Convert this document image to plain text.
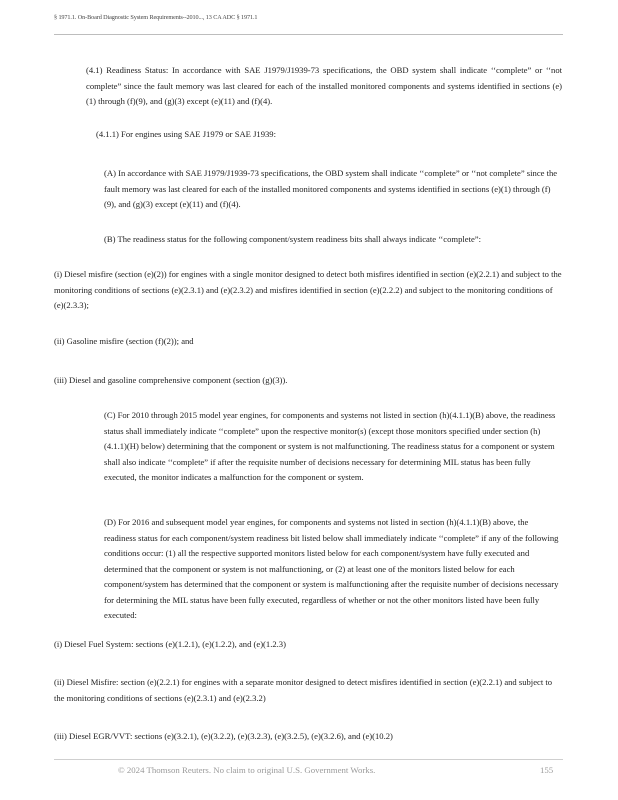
§ 1971.1. On-Board Diagnostic System Requirements--2010..., 13 CA ADC § 1971.1

(4.1) Readiness Status: In accordance with SAE J1979/J1939-73 specifications, the OBD system shall indicate ‘‘complete” or ‘‘not complete” since the fault memory was last cleared for each of the installed monitored components and systems identified in sections (e)(1) through (f)(9), and (g)(3) except (e)(11) and (f)(4).

(4.1.1) For engines using SAE J1979 or SAE J1939:

(A) In accordance with SAE J1979/J1939-73 specifications, the OBD system shall indicate ‘‘complete” or ‘‘not complete” since the fault memory was last cleared for each of the installed monitored components and systems identified in sections (e)(1) through (f)(9), and (g)(3) except (e)(11) and (f)(4).

(B) The readiness status for the following component/system readiness bits shall always indicate ‘‘complete”:

(i) Diesel misfire (section (e)(2)) for engines with a single monitor designed to detect both misfires identified in section (e)(2.2.1) and subject to the monitoring conditions of sections (e)(2.3.1) and (e)(2.3.2) and misfires identified in section (e)(2.2.2) and subject to the monitoring conditions of (e)(2.3.3);

(ii) Gasoline misfire (section (f)(2)); and

(iii) Diesel and gasoline comprehensive component (section (g)(3)).

(C) For 2010 through 2015 model year engines, for components and systems not listed in section (h)(4.1.1)(B) above, the readiness status shall immediately indicate ‘‘complete” upon the respective monitor(s) (except those monitors specified under section (h)(4.1.1)(H) below) determining that the component or system is not malfunctioning. The readiness status for a component or system shall also indicate ‘‘complete” if after the requisite number of decisions necessary for determining MIL status has been fully executed, the monitor indicates a malfunction for the component or system.

(D) For 2016 and subsequent model year engines, for components and systems not listed in section (h)(4.1.1)(B) above, the readiness status for each component/system readiness bit listed below shall immediately indicate ‘‘complete” if any of the following conditions occur: (1) all the respective supported monitors listed below for each component/system have fully executed and determined that the component or system is not malfunctioning, or (2) at least one of the monitors listed below for each component/system has determined that the component or system is malfunctioning after the requisite number of decisions necessary for determining the MIL status have been fully executed, regardless of whether or not the other monitors listed have been fully executed:

(i) Diesel Fuel System: sections (e)(1.2.1), (e)(1.2.2), and (e)(1.2.3)

(ii) Diesel Misfire: section (e)(2.2.1) for engines with a separate monitor designed to detect misfires identified in section (e)(2.2.1) and subject to the monitoring conditions of sections (e)(2.3.1) and (e)(2.3.2)

(iii) Diesel EGR/VVT: sections (e)(3.2.1), (e)(3.2.2), (e)(3.2.3), (e)(3.2.5), (e)(3.2.6), and (e)(10.2)

© 2024 Thomson Reuters. No claim to original U.S. Government Works.	155
